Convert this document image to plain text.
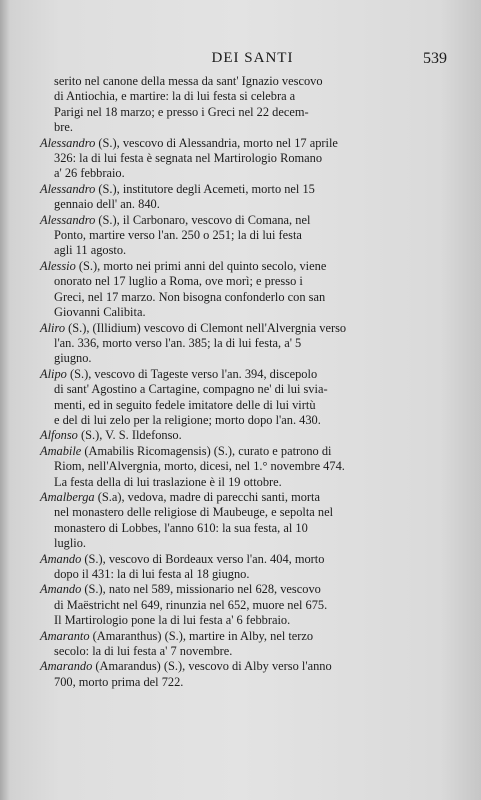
DEI SANTI	539
serito nel canone della messa da sant' Ignazio vescovo
di Antiochia, e martire: la di lui festa si celebra a
Parigi nel 18 marzo; e presso i Greci nel 22 decem-
bre.
Alessandro (S.), vescovo di Alessandria, morto nel 17 aprile
326: la di lui festa è segnata nel Martirologio Romano
a' 26 febbraio.
Alessandro (S.), institutore degli Acemeti, morto nel 15
gennaio dell' an. 840.
Alessandro (S.), il Carbonaro, vescovo di Comana, nel
Ponto, martire verso l'an. 250 o 251; la di lui festa
agli 11 agosto.
Alessio (S.), morto nei primi anni del quinto secolo, viene
onorato nel 17 luglio a Roma, ove morì; e presso i
Greci, nel 17 marzo. Non bisogna confonderlo con san
Giovanni Calibita.
Aliro (S.), (Illidium) vescovo di Clemont nell'Alvergnia verso
l'an. 336, morto verso l'an. 385; la di lui festa, a' 5
giugno.
Alipo (S.), vescovo di Tageste verso l'an. 394, discepolo
di sant' Agostino a Cartagine, compagno ne' di lui svia-
menti, ed in seguito fedele imitatore delle di lui virtù
e del di lui zelo per la religione; morto dopo l'an. 430.
Alfonso (S.), V. S. Ildefonso.
Amabile (Amabilis Ricomagensis) (S.), curato e patrono di
Riom, nell'Alvergnia, morto, dicesi, nel 1.° novembre 474.
La festa della di lui traslazione è il 19 ottobre.
Amalberga (S.a), vedova, madre di parecchi santi, morta
nel monastero delle religiose di Maubeuge, e sepolta nel
monastero di Lobbes, l'anno 610: la sua festa, al 10
luglio.
Amando (S.), vescovo di Bordeaux verso l'an. 404, morto
dopo il 431: la di lui festa al 18 giugno.
Amando (S.), nato nel 589, missionario nel 628, vescovo
di Maëstricht nel 649, rinunzia nel 652, muore nel 675.
Il Martirologio pone la di lui festa a' 6 febbraio.
Amaranto (Amaranthus) (S.), martire in Alby, nel terzo
secolo: la di lui festa a' 7 novembre.
Amarando (Amarandus) (S.), vescovo di Alby verso l'anno
700, morto prima del 722.
